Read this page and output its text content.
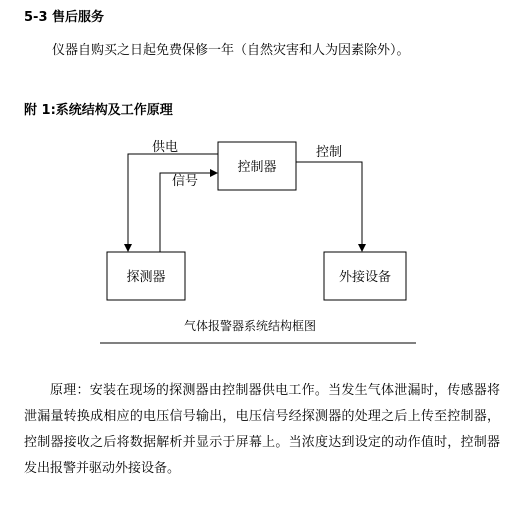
5-3 售后服务
仪器自购买之日起免费保修一年（自然灾害和人为因素除外）。
附 1:系统结构及工作原理
控制器
探测器	外接设备
供电
信号
控制
气体报警器系统结构框图
原理：安装在现场的探测器由控制器供电工作。当发生气体泄漏时，传感器将泄漏量转换成相应的电压信号输出，电压信号经探测器的处理之后上传至控制器，控制器接收之后将数据解析并显示于屏幕上。当浓度达到设定的动作值时，控制器发出报警并驱动外接设备。
